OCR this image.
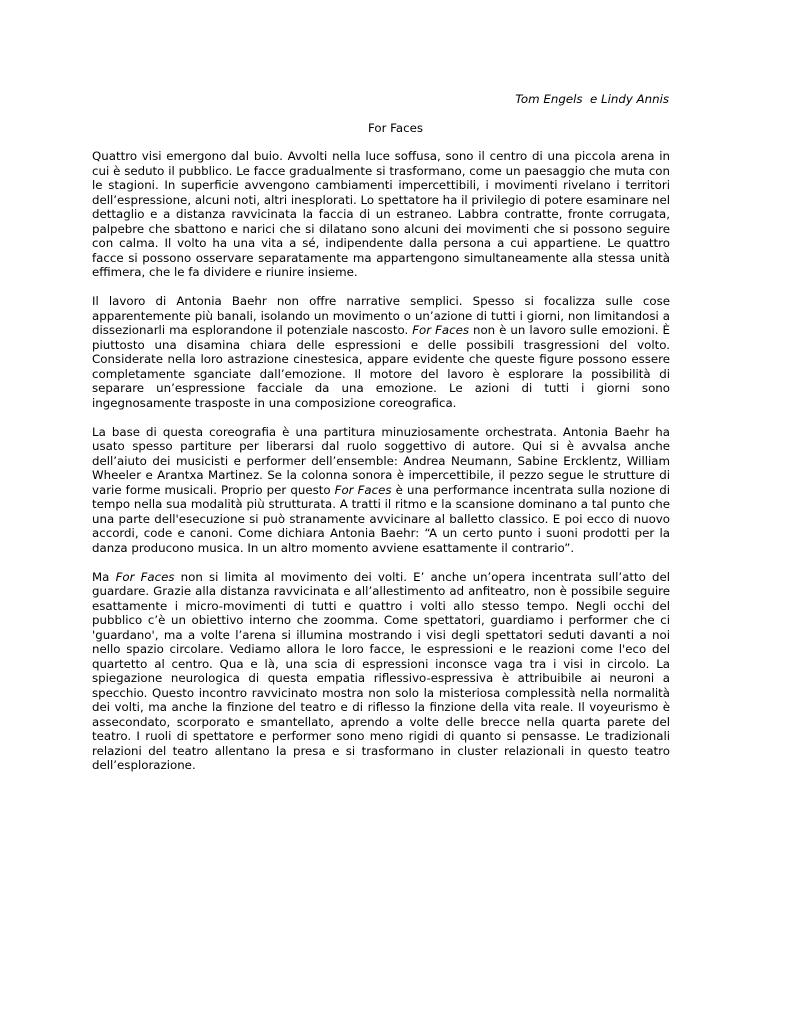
Tom Engels  e Lindy Annis
For Faces

Quattro visi emergono dal buio. Avvolti nella luce soffusa, sono il centro di una piccola arena in cui è seduto il pubblico. Le facce gradualmente si trasformano, come un paesaggio che muta con le stagioni. In superficie avvengono cambiamenti impercettibili, i movimenti rivelano i territori dell’espressione, alcuni noti, altri inesplorati. Lo spettatore ha il privilegio di potere esaminare nel dettaglio e a distanza ravvicinata la faccia di un estraneo. Labbra contratte, fronte corrugata, palpebre che sbattono e narici che si dilatano sono alcuni dei movimenti che si possono seguire con calma. Il volto ha una vita a sé, indipendente dalla persona a cui appartiene. Le quattro facce si possono osservare separatamente ma appartengono simultaneamente alla stessa unità effimera, che le fa dividere e riunire insieme.

Il lavoro di Antonia Baehr non offre narrative semplici. Spesso si focalizza sulle cose apparentemente più banali, isolando un movimento o un’azione di tutti i giorni, non limitandosi a dissezionarli ma esplorandone il potenziale nascosto. For Faces non è un lavoro sulle emozioni. È piuttosto una disamina chiara delle espressioni e delle possibili trasgressioni del volto. Considerate nella loro astrazione cinestesica, appare evidente che queste figure possono essere completamente sganciate dall’emozione. Il motore del lavoro è esplorare la possibilità di separare un’espressione facciale da una emozione. Le azioni di tutti i giorni sono ingegnosamente trasposte in una composizione coreografica.

La base di questa coreografia è una partitura minuziosamente orchestrata. Antonia Baehr ha usato spesso partiture per liberarsi dal ruolo soggettivo di autore. Qui si è avvalsa anche dell’aiuto dei musicisti e performer dell’ensemble: Andrea Neumann, Sabine Ercklentz, William Wheeler e Arantxa Martinez. Se la colonna sonora è impercettibile, il pezzo segue le strutture di varie forme musicali. Proprio per questo For Faces è una performance incentrata sulla nozione di tempo nella sua modalità più strutturata. A tratti il ritmo e la scansione dominano a tal punto che una parte dell'esecuzione si può stranamente avvicinare al balletto classico. E poi ecco di nuovo accordi, code e canoni. Come dichiara Antonia Baehr: “A un certo punto i suoni prodotti per la danza producono musica. In un altro momento avviene esattamente il contrario”.

Ma For Faces non si limita al movimento dei volti. E’ anche un’opera incentrata sull’atto del guardare. Grazie alla distanza ravvicinata e all’allestimento ad anfiteatro, non è possibile seguire esattamente i micro-movimenti di tutti e quattro i volti allo stesso tempo. Negli occhi del pubblico c’è un obiettivo interno che zoomma. Come spettatori, guardiamo i performer che ci 'guardano', ma a volte l’arena si illumina mostrando i visi degli spettatori seduti davanti a noi nello spazio circolare. Vediamo allora le loro facce, le espressioni e le reazioni come l'eco del quartetto al centro. Qua e là, una scia di espressioni inconsce vaga tra i visi in circolo. La spiegazione neurologica di questa empatia riflessivo-espressiva è attribuibile ai neuroni a specchio. Questo incontro ravvicinato mostra non solo la misteriosa complessità nella normalità dei volti, ma anche la finzione del teatro e di riflesso la finzione della vita reale. Il voyeurismo è assecondato, scorporato e smantellato, aprendo a volte delle brecce nella quarta parete del teatro. I ruoli di spettatore e performer sono meno rigidi di quanto si pensasse. Le tradizionali relazioni del teatro allentano la presa e si trasformano in cluster relazionali in questo teatro dell’esplorazione.
